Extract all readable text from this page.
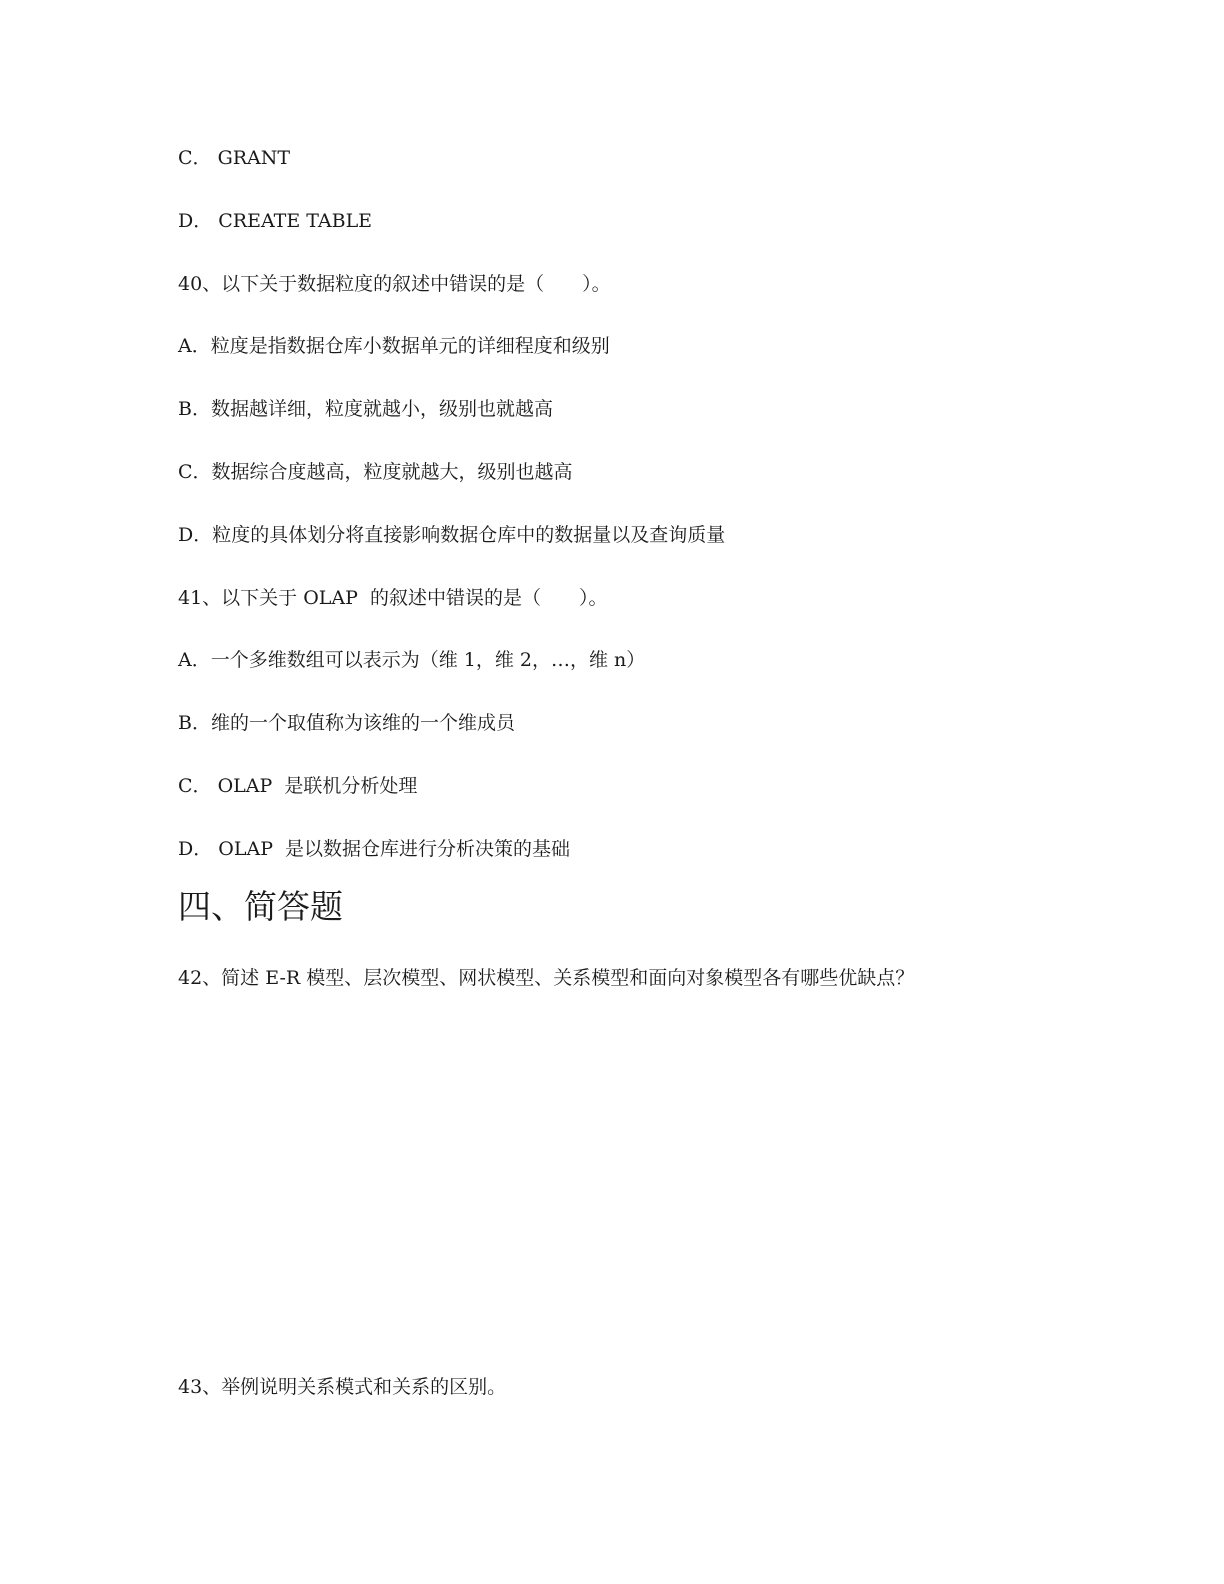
C． GRANT

D． CREATE TABLE

40、以下关于数据粒度的叙述中错误的是（　　）。

A．粒度是指数据仓库小数据单元的详细程度和级别

B．数据越详细，粒度就越小，级别也就越高

C．数据综合度越高，粒度就越大，级别也越高

D．粒度的具体划分将直接影响数据仓库中的数据量以及查询质量

41、以下关于 OLAP  的叙述中错误的是（　　）。

A．一个多维数组可以表示为（维 1，维 2，…，维 n）

B．维的一个取值称为该维的一个维成员

C． OLAP  是联机分析处理

D． OLAP  是以数据仓库进行分析决策的基础

四、简答题

42、简述 E-R 模型、层次模型、网状模型、关系模型和面向对象模型各有哪些优缺点？

43、举例说明关系模式和关系的区别。
